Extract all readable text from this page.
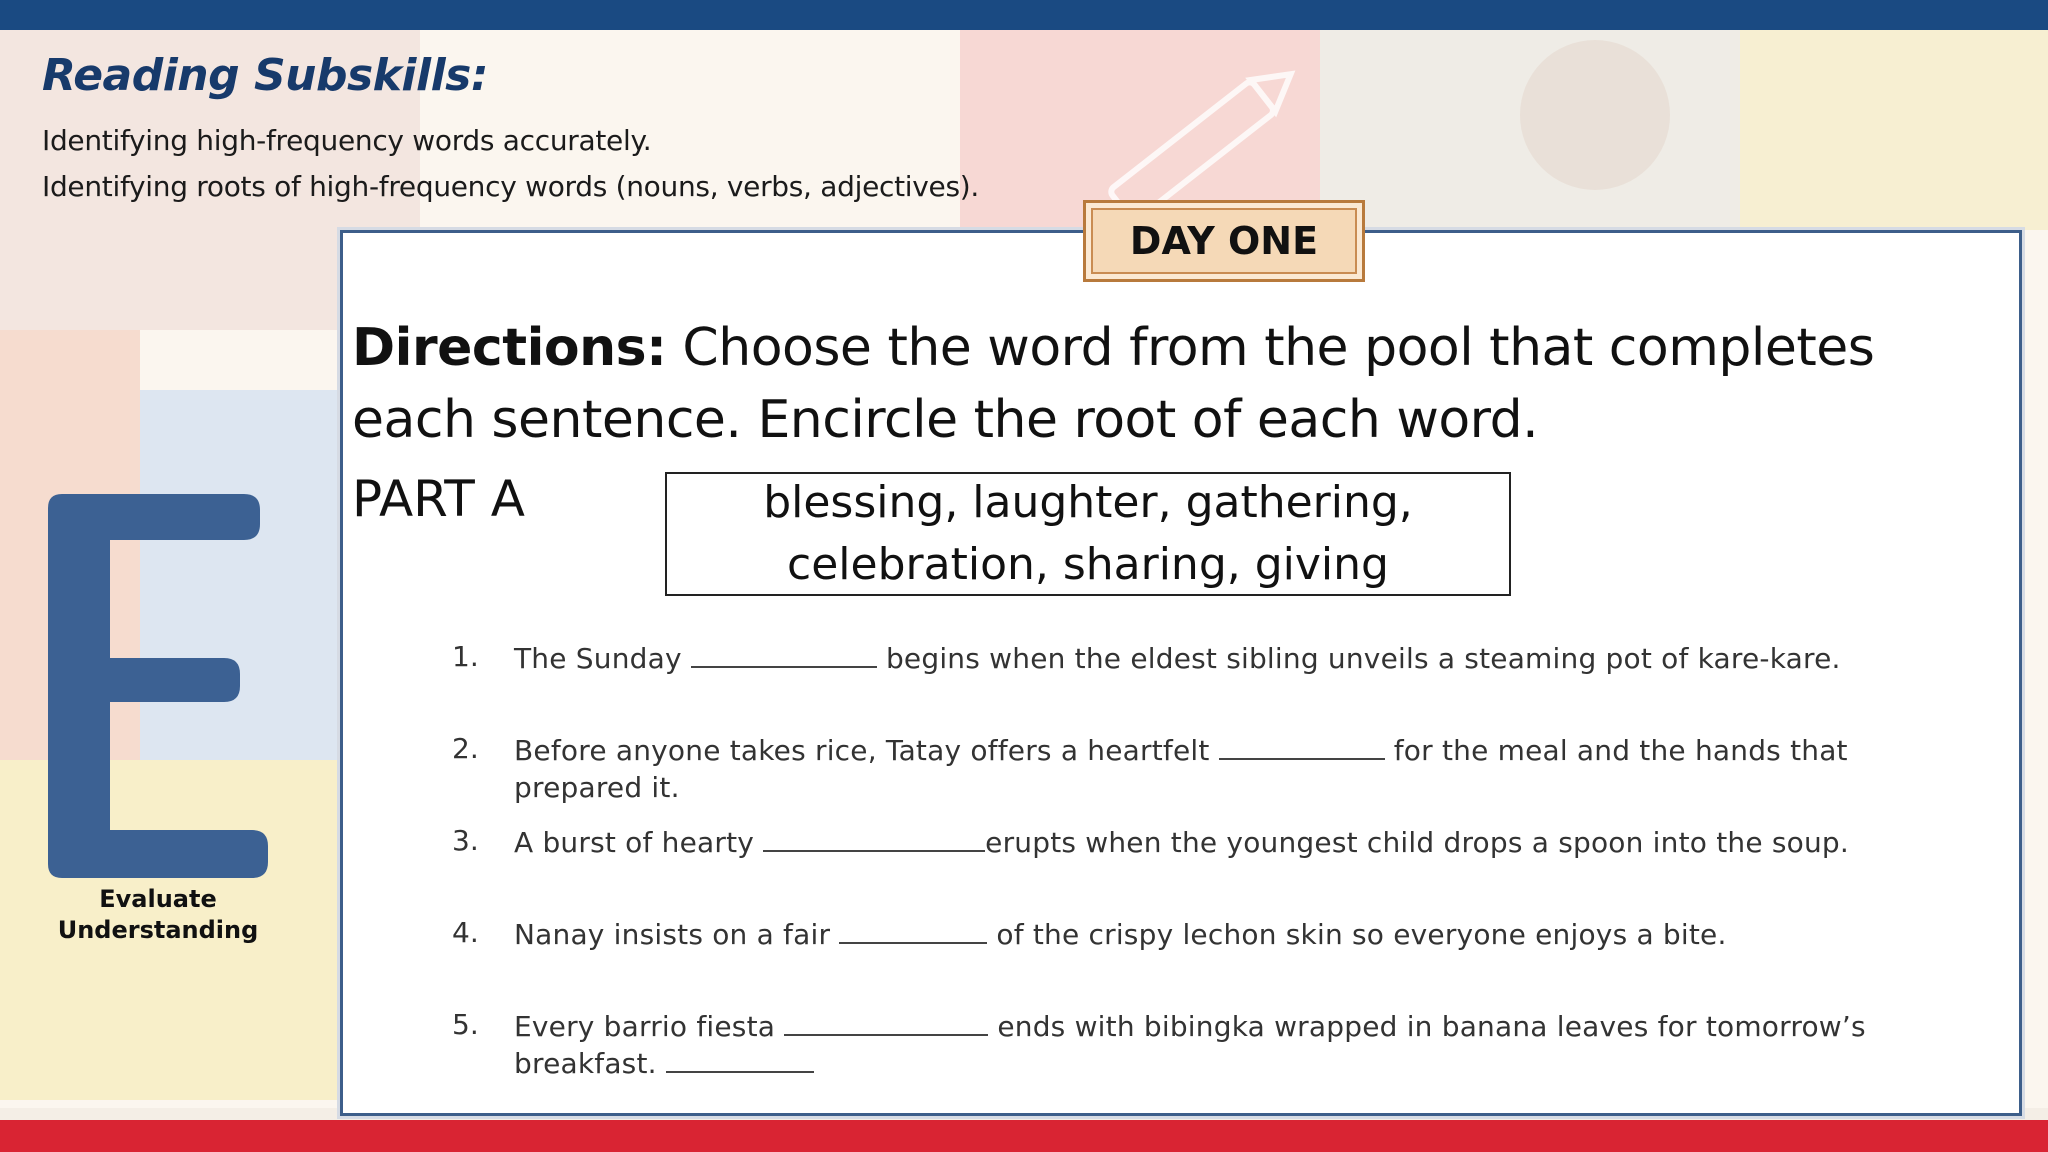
Reading Subskills:
Identifying high-frequency words accurately.
Identifying roots of high-frequency words (nouns, verbs, adjectives).
Evaluate
Understanding
DAY ONE
Directions: Choose the word from the pool that completes each sentence. Encircle the root of each word.
PART A	blessing, laughter, gathering,
celebration, sharing, giving
1.	The Sunday	begins when the eldest sibling unveils a steaming pot of kare-kare.
2.	Before anyone takes rice, Tatay offers a heartfelt	for the meal and the hands that prepared it.
3.	A burst of hearty	erupts when the youngest child drops a spoon into the soup.
4.	Nanay insists on a fair	of the crispy lechon skin so everyone enjoys a bite.
5.	Every barrio fiesta	ends with bibingka wrapped in banana leaves for tomorrow’s breakfast.
